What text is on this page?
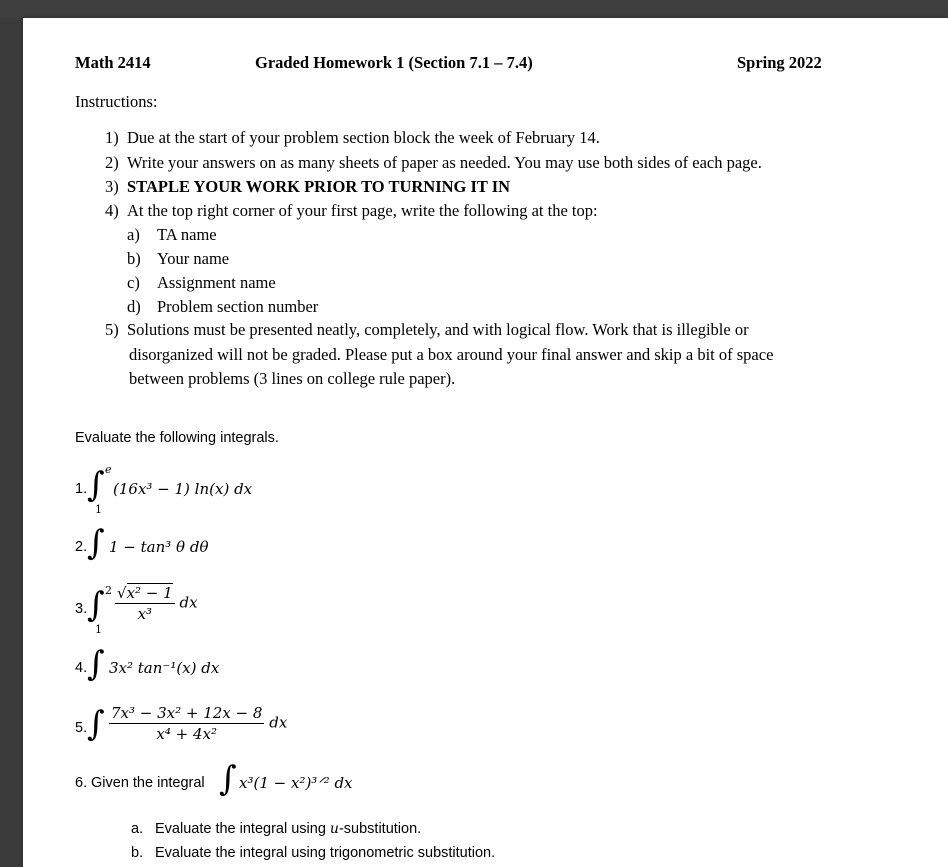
Math 2414	Graded Homework 1 (Section 7.1 – 7.4)	Spring 2022
Instructions:
1) Due at the start of your problem section block the week of February 14.
2) Write your answers on as many sheets of paper as needed. You may use both sides of each page.
3) STAPLE YOUR WORK PRIOR TO TURNING IT IN
4) At the top right corner of your first page, write the following at the top:
a) TA name
b) Your name
c) Assignment name
d) Problem section number
5) Solutions must be presented neatly, completely, and with logical flow. Work that is illegible or
disorganized will not be graded. Please put a box around your final answer and skip a bit of space
between problems (3 lines on college rule paper).
Evaluate the following integrals.
1. ∫ e
1
(16x³ − 1) ln(x) dx
2. ∫ 1 − tan³ θ dθ
3. ∫ 2
1
$\frac{\text{√x² − 1}}{\text{x³}}$ dx
4. ∫ 3x² tan⁻¹(x) dx
5. ∫ $\frac{\text{7x³ − 3x² + 12x − 8}}{\text{x⁴ + 4x²}}$ dx
6. Given the integral ∫ x³(1 − x²)³ᐟ² dx
a. Evaluate the integral using u-substitution.
b. Evaluate the integral using trigonometric substitution.
